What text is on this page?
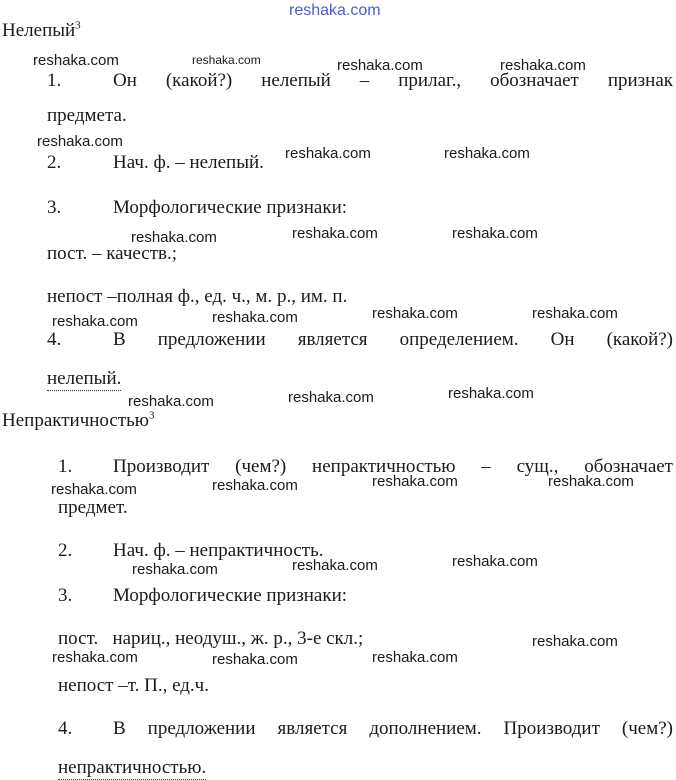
reshaka.com
Нелепый$^3$
1.	Он (какой?) нелепый – прилаг., обозначает признак
предмета.
2.	Нач. ф. – нелепый.
3.	Морфологические признаки:
пост. – качеств.;
непост –полная ф., ед. ч., м. р., им. п.
4.	В предложении является определением. Он (какой?)
нелепый.
Непрактичностью$^3$
1. Производит (чем?) непрактичностью – сущ., обозначает
предмет.
2. Нач. ф. – непрактичность.
3. Морфологические признаки:
пост.   нариц., неодуш., ж. р., 3-е скл.;
непост –т. П., ед.ч.
4. В предложении является дополнением. Производит (чем?)
непрактичностью.
reshaka.com	reshaka.com	reshaka.com	reshaka.com
reshaka.com
reshaka.com	reshaka.com
reshaka.com	reshaka.com	reshaka.com
reshaka.com	reshaka.com	reshaka.com	reshaka.com
reshaka.com	reshaka.com	reshaka.com
reshaka.com	reshaka.com	reshaka.com	reshaka.com
reshaka.com	reshaka.com	reshaka.com
reshaka.com	reshaka.com	reshaka.com
reshaka.com
